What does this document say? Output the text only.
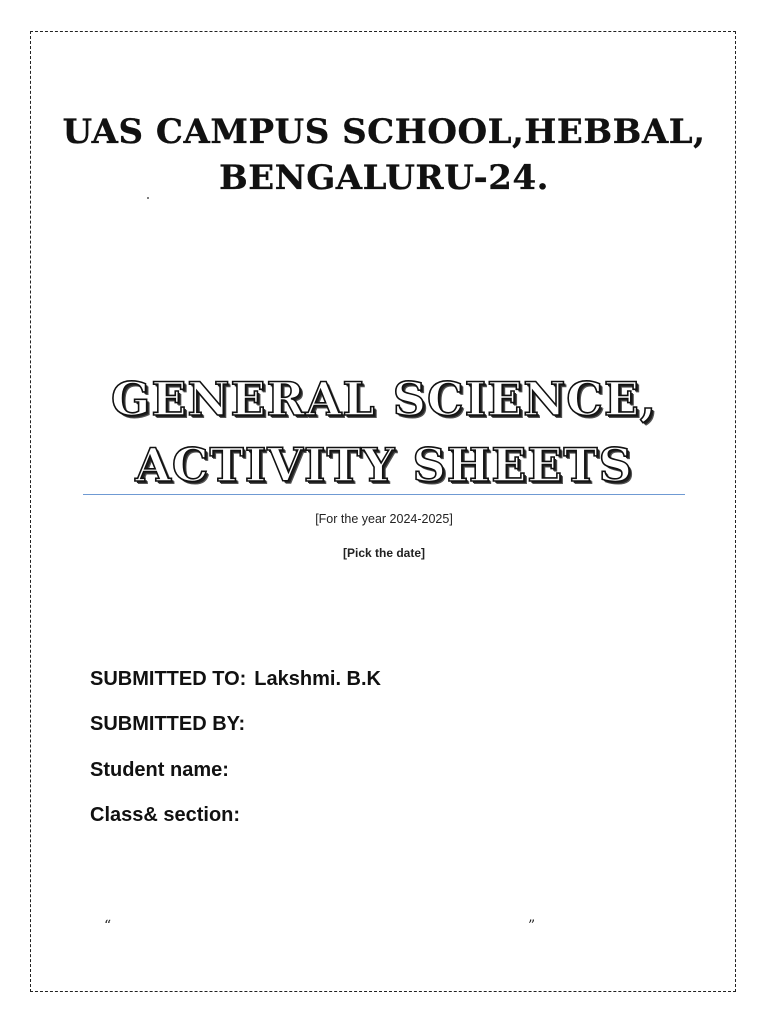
UAS CAMPUS SCHOOL,HEBBAL,
BENGALURU-24.
GENERAL SCIENCE,
ACTIVITY SHEETS
[For the year 2024-2025]
[Pick the date]
SUBMITTED TO: Lakshmi. B.K
SUBMITTED BY:
Student name:
Class& section:
“	”
